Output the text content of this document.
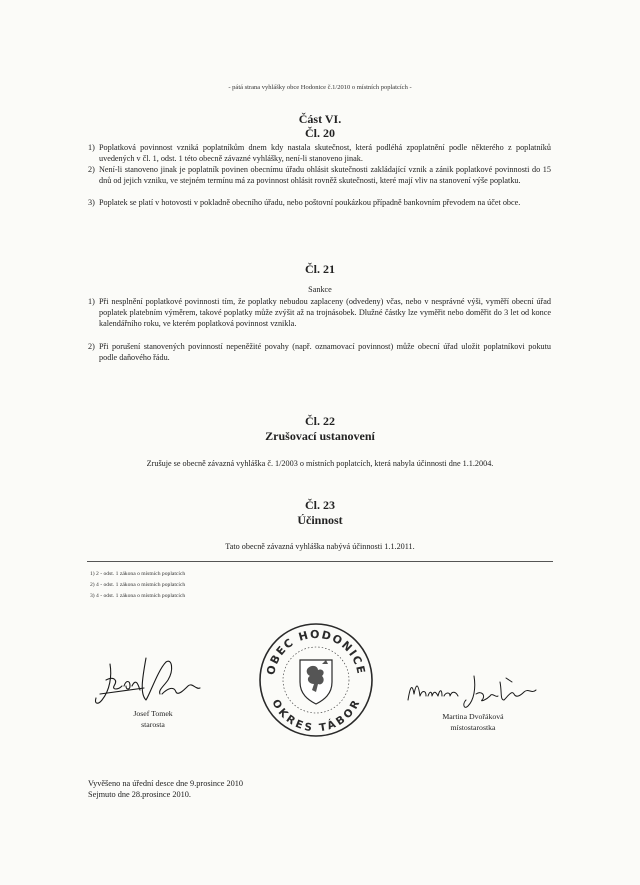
- pátá strana vyhlášky obce Hodonice č.1/2010 o místních poplatcích -
Část VI.
Čl. 20
1) Poplatková povinnost vzniká poplatníkům dnem kdy nastala skutečnost, která podléhá zpoplatnění podle některého z poplatníků uvedených v čl. 1, odst. 1 této obecně závazné vyhlášky, není-li stanoveno jinak.
2) Není-li stanoveno jinak je poplatník povinen obecnímu úřadu ohlásit skutečnosti zakládající vznik a zánik poplatkové povinnosti do 15 dnů od jejich vzniku, ve stejném termínu má za povinnost ohlásit rovněž skutečnosti, které mají vliv na stanovení výše poplatku.
3) Poplatek se platí v hotovosti v pokladně obecního úřadu, nebo poštovní poukázkou případně bankovním převodem na účet obce.
Čl. 21
Sankce
1) Při nesplnění poplatkové povinnosti tím, že poplatky nebudou zaplaceny (odvedeny) včas, nebo v nesprávné výši, vyměří obecní úřad poplatek platebním výměrem, takové poplatky může zvýšit až na trojnásobek. Dlužné částky lze vyměřit nebo doměřit do 3 let od konce kalendářního roku, ve kterém poplatková povinnost vznikla.
2) Při porušení stanovených povinností nepeněžité povahy (např. oznamovací povinnost) může obecní úřad uložit poplatníkovi pokutu podle daňového řádu.
Čl. 22
Zrušovací ustanovení
Zrušuje se obecně závazná vyhláška č. 1/2003 o místních poplatcích, která nabyla účinnosti dne 1.1.2004.
Čl. 23
Účinnost
Tato obecně závazná vyhláška nabývá účinnosti 1.1.2011.
1) 2 - odst. 1 zákona o místních poplatcích
2) 4 - odst. 1 zákona o místních poplatcích
3) 4 - odst. 1 zákona o místních poplatcích
OBEC HODONICE
OKRES TÁBOR
Josef Tomek
starosta
Martina Dvořáková
místostarostka
Vyvěšeno na úřední desce dne 9.prosince 2010
Sejmuto dne 28.prosince 2010.
